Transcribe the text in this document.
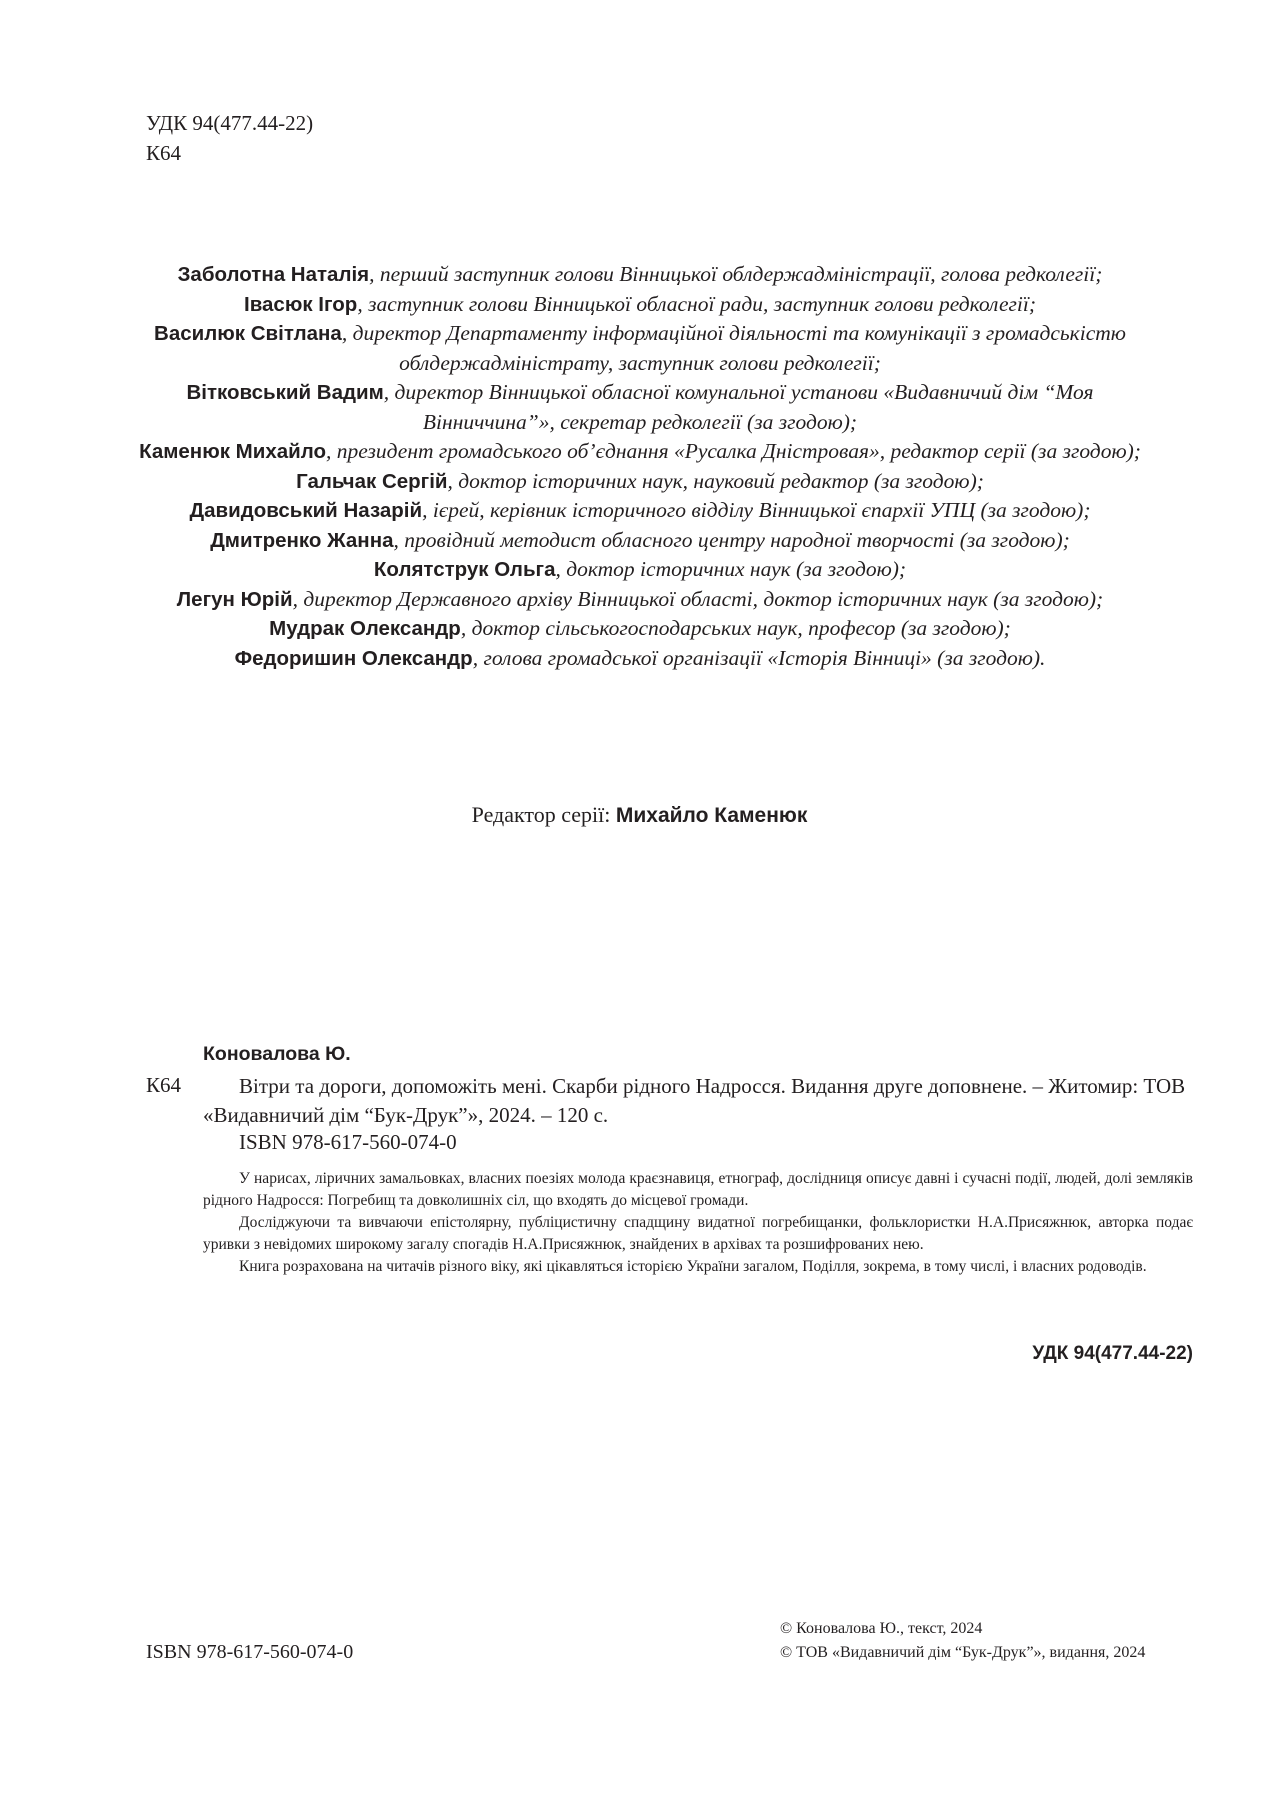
УДК 94(477.44-22)
К64
Заболотна Наталія, перший заступник голови Вінницької облдержадміністрації, голова редколегії;
Івасюк Ігор, заступник голови Вінницької обласної ради, заступник голови редколегії;
Василюк Світлана, директор Департаменту інформаційної діяльності та комунікації з громадськістю облдержадміністрату, заступник голови редколегії;
Вітковський Вадим, директор Вінницької обласної комунальної установи «Видавничий дім “Моя Вінниччина”», секретар редколегії (за згодою);
Каменюк Михайло, президент громадського об’єднання «Русалка Дністровая», редактор серії (за згодою);
Гальчак Сергій, доктор історичних наук, науковий редактор (за згодою);
Давидовський Назарій, ієрей, керівник історичного відділу Вінницької єпархії УПЦ (за згодою);
Дмитренко Жанна, провідний методист обласного центру народної творчості (за згодою);
Колятструк Ольга, доктор історичних наук (за згодою);
Легун Юрій, директор Державного архіву Вінницької області, доктор історичних наук (за згодою);
Мудрак Олександр, доктор сільськогосподарських наук, професор (за згодою);
Федоришин Олександр, голова громадської організації «Історія Вінниці» (за згодою).
Редактор серії: Михайло Каменюк
Коновалова Ю.
К64	Вітри та дороги, допоможіть мені. Скарби рідного Надросся. Видання друге доповнене. – Житомир: ТОВ «Видавничий дім “Бук-Друк”», 2024. – 120 с.
ISBN 978-617-560-074-0

У нарисах, ліричних замальовках, власних поезіях молода краєзнавиця, етнограф, дослідниця описує давні і сучасні події, людей, долі земляків рідного Надросся: Погребищ та довколишніх сіл, що входять до місцевої громади.

Досліджуючи та вивчаючи епістолярну, публіцистичну спадщину видатної погребищанки, фольклористки Н.А.Присяжнюк, авторка подає уривки з невідомих широкому загалу спогадів Н.А.Присяжнюк, знайдених в архівах та розшифрованих нею.

Книга розрахована на читачів різного віку, які цікавляться історією України загалом, Поділля, зокрема, в тому числі, і власних родоводів.

УДК 94(477.44-22)
ISBN 978-617-560-074-0
© Коновалова Ю., текст, 2024
© ТОВ «Видавничий дім “Бук-Друк”», видання, 2024
